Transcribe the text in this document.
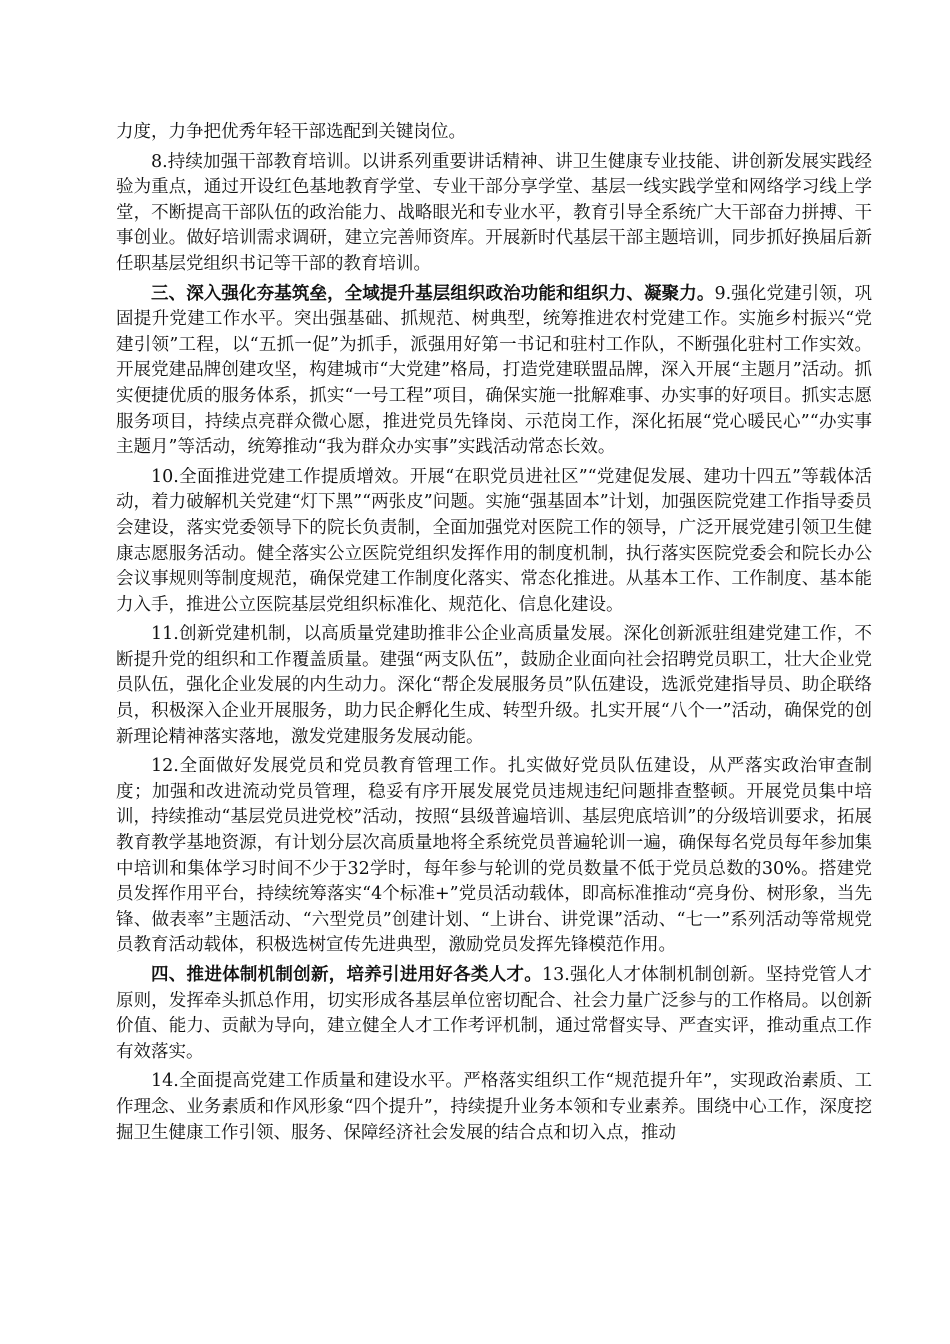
力度，力争把优秀年轻干部选配到关键岗位。

8.持续加强干部教育培训。以讲系列重要讲话精神、讲卫生健康专业技能、讲创新发展实践经验为重点，通过开设红色基地教育学堂、专业干部分享学堂、基层一线实践学堂和网络学习线上学堂，不断提高干部队伍的政治能力、战略眼光和专业水平，教育引导全系统广大干部奋力拼搏、干事创业。做好培训需求调研，建立完善师资库。开展新时代基层干部主题培训，同步抓好换届后新任职基层党组织书记等干部的教育培训。

三、深入强化夯基筑垒，全域提升基层组织政治功能和组织力、凝聚力。9.强化党建引领，巩固提升党建工作水平。突出强基础、抓规范、树典型，统筹推进农村党建工作。实施乡村振兴“党建引领”工程，以“五抓一促”为抓手，派强用好第一书记和驻村工作队，不断强化驻村工作实效。开展党建品牌创建攻坚，构建城市“大党建”格局，打造党建联盟品牌，深入开展“主题月”活动。抓实便捷优质的服务体系，抓实“一号工程”项目，确保实施一批解难事、办实事的好项目。抓实志愿服务项目，持续点亮群众微心愿，推进党员先锋岗、示范岗工作，深化拓展“党心暖民心”“办实事主题月”等活动，统筹推动“我为群众办实事”实践活动常态长效。

10.全面推进党建工作提质增效。开展“在职党员进社区”“党建促发展、建功十四五”等载体活动，着力破解机关党建“灯下黑”“两张皮”问题。实施“强基固本”计划，加强医院党建工作指导委员会建设，落实党委领导下的院长负责制，全面加强党对医院工作的领导，广泛开展党建引领卫生健康志愿服务活动。健全落实公立医院党组织发挥作用的制度机制，执行落实医院党委会和院长办公会议事规则等制度规范，确保党建工作制度化落实、常态化推进。从基本工作、工作制度、基本能力入手，推进公立医院基层党组织标准化、规范化、信息化建设。

11.创新党建机制，以高质量党建助推非公企业高质量发展。深化创新派驻组建党建工作，不断提升党的组织和工作覆盖质量。建强“两支队伍”，鼓励企业面向社会招聘党员职工，壮大企业党员队伍，强化企业发展的内生动力。深化“帮企发展服务员”队伍建设，选派党建指导员、助企联络员，积极深入企业开展服务，助力民企孵化生成、转型升级。扎实开展“八个一”活动，确保党的创新理论精神落实落地，激发党建服务发展动能。

12.全面做好发展党员和党员教育管理工作。扎实做好党员队伍建设，从严落实政治审查制度；加强和改进流动党员管理，稳妥有序开展发展党员违规违纪问题排查整顿。开展党员集中培训，持续推动“基层党员进党校”活动，按照“县级普遍培训、基层兜底培训”的分级培训要求，拓展教育教学基地资源，有计划分层次高质量地将全系统党员普遍轮训一遍，确保每名党员每年参加集中培训和集体学习时间不少于32学时，每年参与轮训的党员数量不低于党员总数的30%。搭建党员发挥作用平台，持续统筹落实“4个标准+”党员活动载体，即高标准推动“亮身份、树形象，当先锋、做表率”主题活动、“六型党员”创建计划、“上讲台、讲党课”活动、“七一”系列活动等常规党员教育活动载体，积极选树宣传先进典型，激励党员发挥先锋模范作用。

四、推进体制机制创新，培养引进用好各类人才。13.强化人才体制机制创新。坚持党管人才原则，发挥牵头抓总作用，切实形成各基层单位密切配合、社会力量广泛参与的工作格局。以创新价值、能力、贡献为导向，建立健全人才工作考评机制，通过常督实导、严查实评，推动重点工作有效落实。

14.全面提高党建工作质量和建设水平。严格落实组织工作“规范提升年”，实现政治素质、工作理念、业务素质和作风形象“四个提升”，持续提升业务本领和专业素养。围绕中心工作，深度挖掘卫生健康工作引领、服务、保障经济社会发展的结合点和切入点，推动
